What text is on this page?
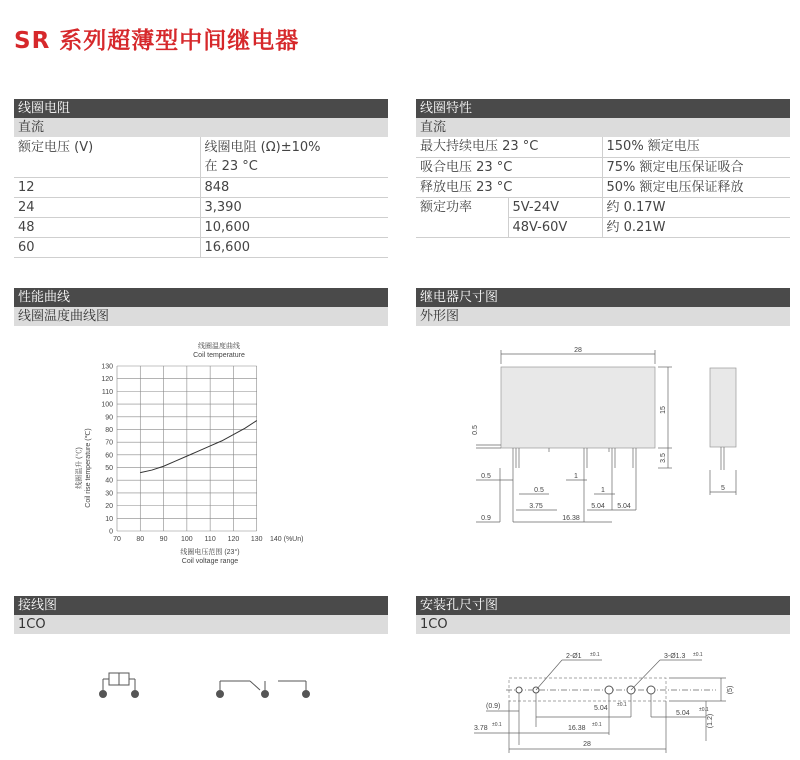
SR 系列超薄型中间继电器
线圈电阻
直流
额定电压 (V)	线圈电阻 (Ω)±10%
	在 23 °C
12	848
24	3,390
48	10,600
60	16,600
线圈特性
直流
最大持续电压 23 °C		150% 额定电压
吸合电压 23 °C		75% 额定电压保证吸合
释放电压 23 °C		50% 额定电压保证释放
额定功率	5V-24V	约 0.17W
	48V-60V	约 0.21W
性能曲线
线圈温度曲线图
线圈温度曲线
Coil temperature
0
10
20
30
40
50
60
70
80
90
100
110
120
130
70 80 90 100 110 120 130 140 (%Un)
线圈温升 (℃) Coil rise temperature (℃)
线圈电压范围 (23°)
Coil voltage range
继电器尺寸图
外形图
28
15
3.5
0.5
0.5
0.5
1
1
3.75	5.04 5.04
0.9	16.38
5
接线图
1CO
安装孔尺寸图
1CO
2-Ø1 ±0.1	3-Ø1.3 ±0.1
(5)
(1.2)
(0.9)	5.04 ±0.1
5.04 ±0.1
16.38 ±0.1
3.78 ±0.1
28
